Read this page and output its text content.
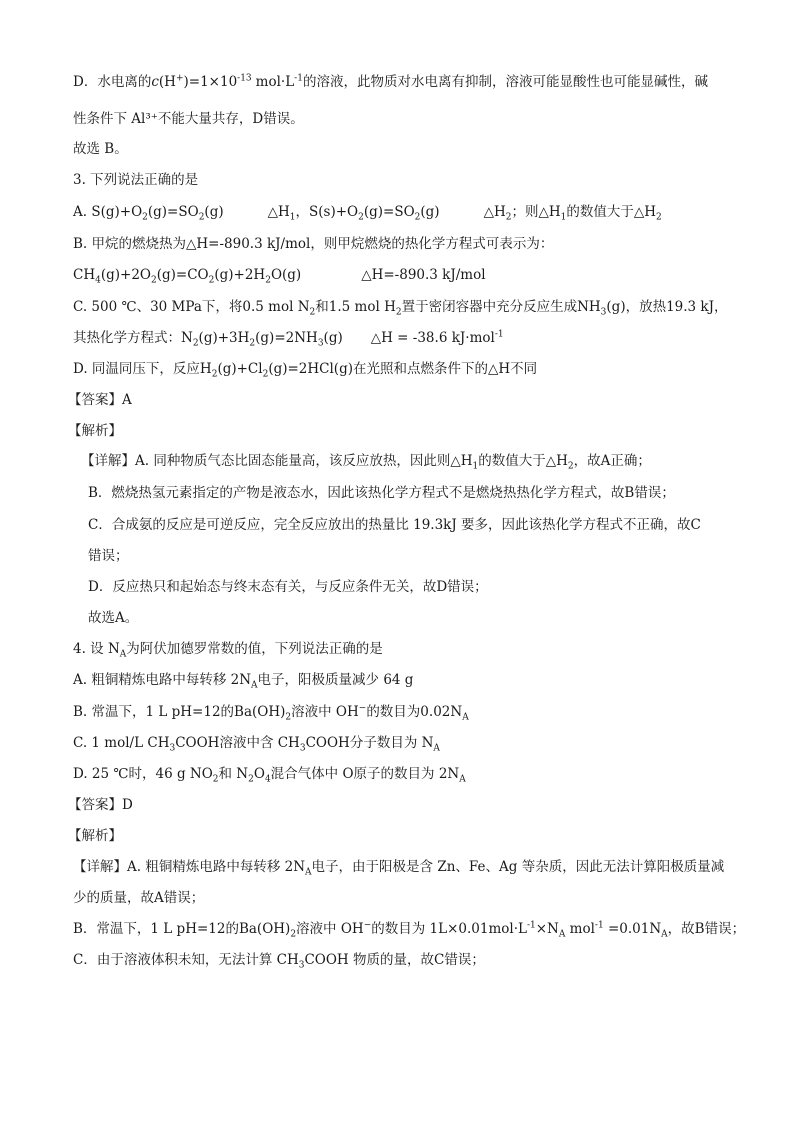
D．水电离的$c(H^+)=1\times 10^{-13}$ $mol\cdot L^{-1}$的溶液，此物质对水电离有抑制，溶液可能显酸性也可能显碱性，碱
性条件下 Al³⁺不能大量共存，D错误。
故选 B。
3. 下列说法正确的是
A. $S(g)+O_2(g)=SO_2(g)$	$\triangle H_1$，$S(s)+O_2(g)=SO_2(g)$	$\triangle H_2$；则$\triangle H_1$的数值大于$\triangle H_2$
B. 甲烷的燃烧热为△H=-890.3 kJ/mol，则甲烷燃烧的热化学方程式可表示为：
$CH_4(g)+2O_2(g)=CO_2(g)+2H_2O(g)$	△H=-890.3 kJ/mol
C. 500 ℃、30 MPa下，将0.5 mol $N_2$和1.5 mol $H_2$置于密闭容器中充分反应生成$NH_3(g)$，放热19.3 kJ，
其热化学方程式：$N_2(g)+3H_2(g)=2NH_3(g)$ △H = -38.6 kJ·mol$^{-1}$
D. 同温同压下，反应$H_2(g)+Cl_2(g)=2HCl(g)$在光照和点燃条件下的△H不同
【答案】A
【解析】
【详解】A. 同种物质气态比固态能量高，该反应放热，因此则$\triangle H_1$的数值大于$\triangle H_2$，故A正确；
B．燃烧热氢元素指定的产物是液态水，因此该热化学方程式不是燃烧热热化学方程式，故B错误；
C．合成氨的反应是可逆反应，完全反应放出的热量比 19.3kJ 要多，因此该热化学方程式不正确，故C
错误；
D．反应热只和起始态与终末态有关，与反应条件无关，故D错误；
故选A。
4. 设 $N_A$为阿伏加德罗常数的值，下列说法正确的是
A. 粗铜精炼电路中每转移 $2N_A$电子，阳极质量减少 64 g
B. 常温下，1 L pH=12的$Ba(OH)_2$溶液中 OH−的数目为$0.02N_A$
C. 1 mol/L $CH_3COOH$溶液中含 $CH_3COOH$分子数目为 $N_A$
D. 25 ℃时，46 g $NO_2$和 $N_2O_4$混合气体中 O原子的数目为 $2N_A$
【答案】D
【解析】
【详解】A. 粗铜精炼电路中每转移 $2N_A$电子，由于阳极是含 Zn、Fe、Ag 等杂质，因此无法计算阳极质量减
少的质量，故A错误；
B．常温下，1 L pH=12的$Ba(OH)_2$溶液中 OH−的数目为 $1L\times 0.01mol\cdot L^{-1}\times N_A$ $mol^{-1} =0.01N_A$，故B错误；
C．由于溶液体积未知，无法计算 $CH_3COOH$ 物质的量，故C错误；
